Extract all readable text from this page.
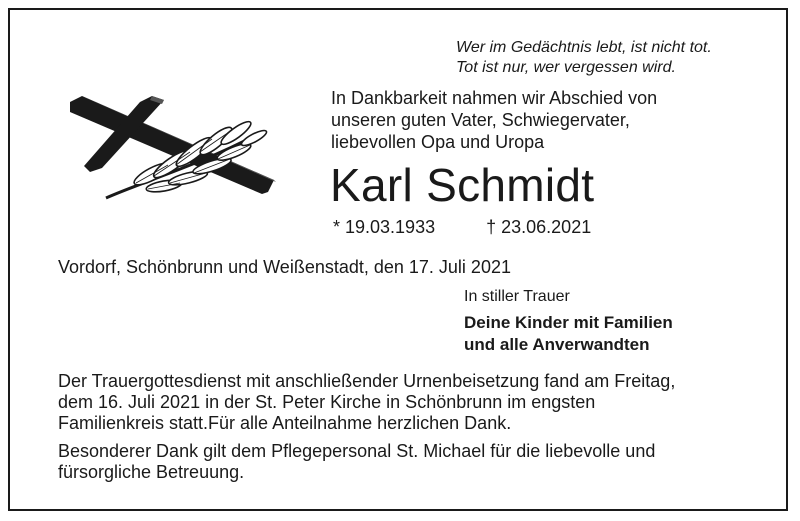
Wer im Gedächtnis lebt, ist nicht tot.
Tot ist nur, wer vergessen wird.
In Dankbarkeit nahmen wir Abschied von
unseren guten Vater, Schwiegervater,
liebevollen Opa und Uropa
Karl Schmidt
* 19.03.1933	† 23.06.2021
Vordorf, Schönbrunn und Weißenstadt, den 17. Juli 2021
In stiller Trauer
Deine Kinder mit Familien
und alle Anverwandten
Der Trauergottesdienst mit anschließender Urnenbeisetzung fand am Freitag,
dem 16. Juli 2021 in der St. Peter Kirche in Schönbrunn im engsten
Familienkreis statt.Für alle Anteilnahme herzlichen Dank.
Besonderer Dank gilt dem Pflegepersonal St. Michael für die liebevolle und
fürsorgliche Betreuung.
